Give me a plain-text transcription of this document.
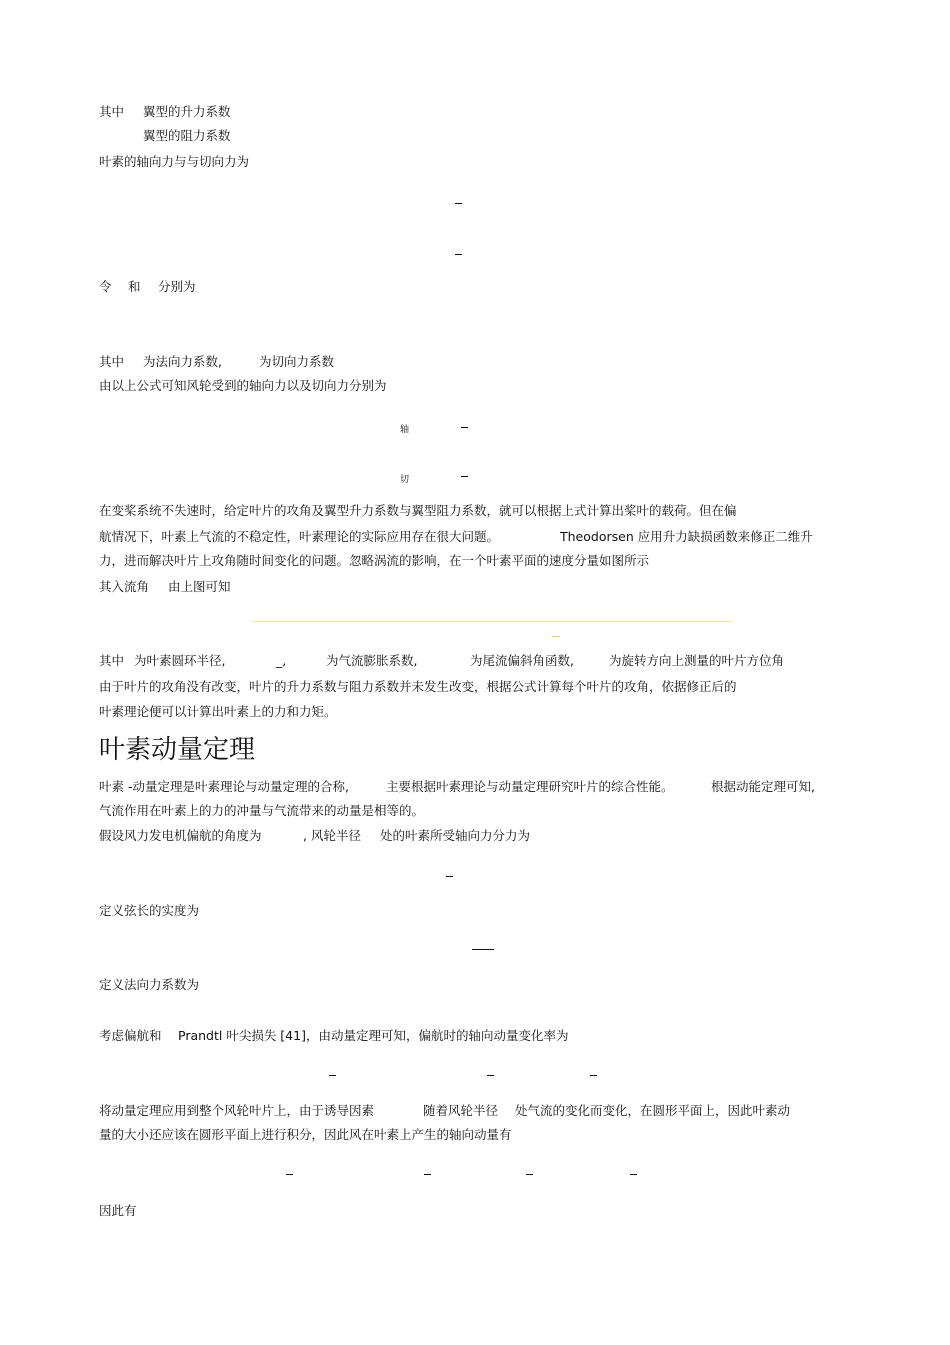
其中 翼型的升力系数
翼型的阻力系数
叶素的轴向力与与切向力为
令 和 分别为
其中 为法向力系数,	为切向力系数
由以上公式可知风轮受到的轴向力以及切向力分别为
轴
切
在变桨系统不失速时，给定叶片的攻角及翼型升力系数与翼型阻力系数，就可以根据上式计算出桨叶的载荷。但在偏
航情况下，叶素上气流的不稳定性，叶素理论的实际应用存在很大问题。	Theodorsen 应用升力缺损函数来修正二维升
力，进而解决叶片上攻角随时间变化的问题。忽略涡流的影响，在一个叶素平面的速度分量如图所示
其入流角 由上图可知
其中 为叶素圆环半径,	_,	为气流膨胀系数,	为尾流偏斜角函数,	为旋转方向上测量的叶片方位角
由于叶片的攻角没有改变，叶片的升力系数与阻力系数并未发生改变，根据公式计算每个叶片的攻角，依据修正后的
叶素理论便可以计算出叶素上的力和力矩。
叶素动量定理
叶素 -动量定理是叶素理论与动量定理的合称,	主要根据叶素理论与动量定理研究叶片的综合性能。	根据动能定理可知,
气流作用在叶素上的力的冲量与气流带来的动量是相等的。
假设风力发电机偏航的角度为	, 风轮半径 处的叶素所受轴向力分力为
定义弦长的实度为
定义法向力系数为
考虑偏航和 Prandtl 叶尖损失 [41]，由动量定理可知，偏航时的轴向动量变化率为
将动量定理应用到整个风轮叶片上，由于诱导因素	随着风轮半径 处气流的变化而变化，在圆形平面上，因此叶素动
量的大小还应该在圆形平面上进行积分，因此风在叶素上产生的轴向动量有
因此有
